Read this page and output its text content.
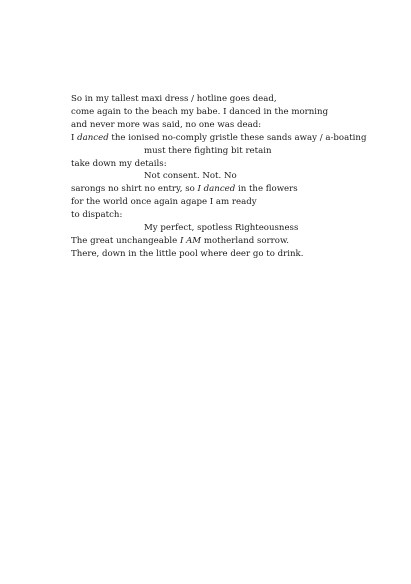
So in my tallest maxi dress / hotline goes dead,
come again to the beach my babe. I danced in the morning
and never more was said, no one was dead:
I danced the ionised no-comply gristle these sands away / a-boating
must there fighting bit retain
take down my details:
Not consent. Not. No
sarongs no shirt no entry, so I danced in the flowers
for the world once again agape I am ready
to dispatch:
My perfect, spotless Righteousness
The great unchangeable I AM motherland sorrow.
There, down in the little pool where deer go to drink.
